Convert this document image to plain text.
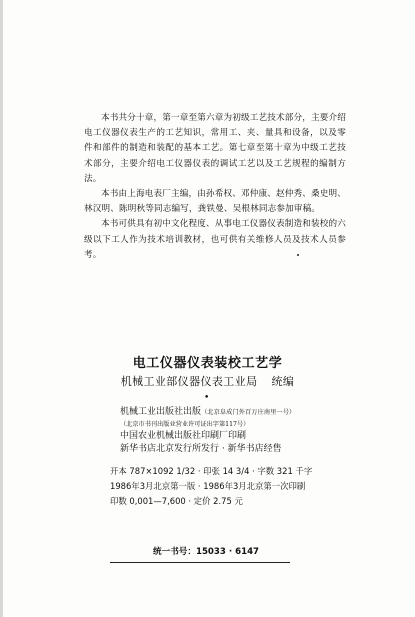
本书共分十章，第一章至第六章为初级工艺技术部分，主要介绍电工仪器仪表生产的工艺知识，常用工、夹、量具和设备，以及零件和部件的制造和装配的基本工艺。第七章至第十章为中级工艺技术部分，主要介绍电工仪器仪表的调试工艺以及工艺规程的编制方法。

本书由上海电表厂主编，由孙希权、邓仲康、赵仲秀、桑史明、林汉明、陈明秋等同志编写，龚铁曼、吴根林同志参加审稿。

本书可供具有初中文化程度、从事电工仪器仪表制造和装校的六级以下工人作为技术培训教材，也可供有关维修人员及技术人员参考。

电工仪器仪表装校工艺学
机械工业部仪器仪表工业局 统编
•
机械工业出版社出版（北京阜成门外百万庄南里一号）
（北京市书刊出版业营业许可证出字第117号）
中国农业机械出版社印刷厂印刷
新华书店北京发行所发行 · 新华书店经售
开本 787×1092 1/32 · 印张 14 3/4 · 字数 321 千字
1986年3月北京第一版 · 1986年3月北京第一次印刷
印数 0,001—7,600 · 定价 2.75 元
统一书号：15033 · 6147
